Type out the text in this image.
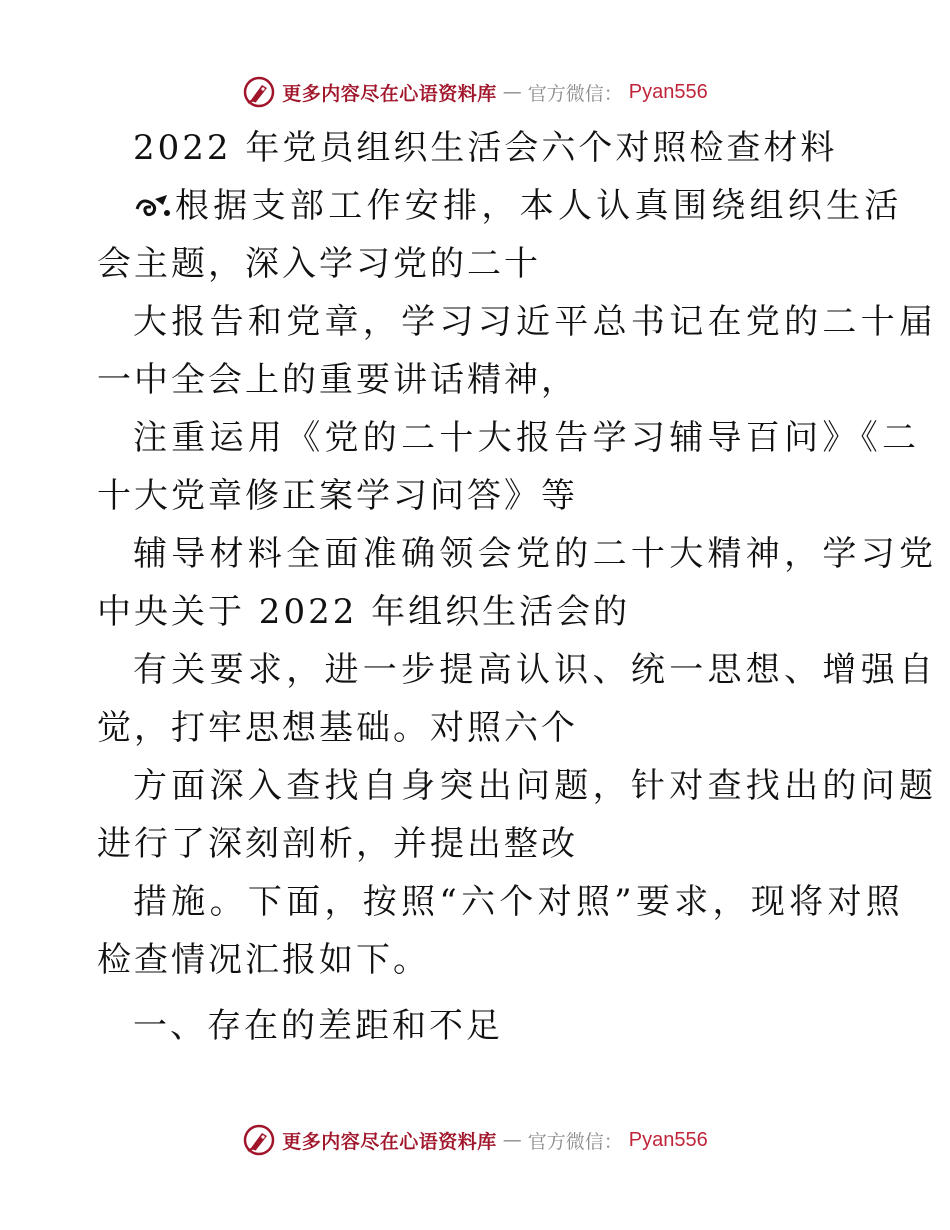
更多内容尽在心语资料库 — 官方微信： Pyan556
2022 年党员组织生活会六个对照检查材料
根据支部工作安排，本人认真围绕组织生活
会主题，深入学习党的二十
大报告和党章，学习习近平总书记在党的二十届
一中全会上的重要讲话精神，
注重运用《党的二十大报告学习辅导百问》《二
十大党章修正案学习问答》等
辅导材料全面准确领会党的二十大精神，学习党
中央关于 2022 年组织生活会的
有关要求，进一步提高认识、统一思想、增强自
觉，打牢思想基础。对照六个
方面深入查找自身突出问题，针对查找出的问题
进行了深刻剖析，并提出整改
措施。下面，按照“六个对照”要求，现将对照
检查情况汇报如下。
一、存在的差距和不足
更多内容尽在心语资料库 — 官方微信： Pyan556
